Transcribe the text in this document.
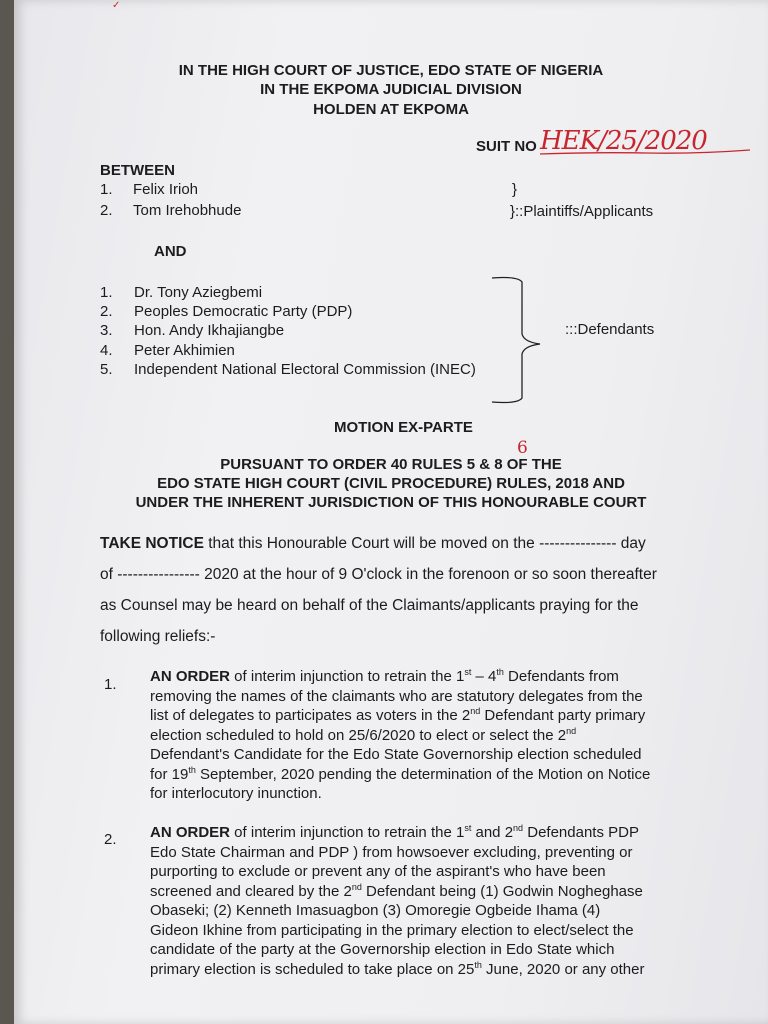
✓
IN THE HIGH COURT OF JUSTICE, EDO STATE OF NIGERIA
IN THE EKPOMA JUDICIAL DIVISION
HOLDEN AT EKPOMA
SUIT NO HEK/25/2020
BETWEEN
1. Felix Irioh
2. Tom Irehobhude
}
}::Plaintiffs/Applicants
AND
1. Dr. Tony Aziegbemi
2. Peoples Democratic Party (PDP)
3. Hon. Andy Ikhajiangbe
4. Peter Akhimien
5. Independent National Electoral Commission (INEC)
:::Defendants
MOTION EX-PARTE
6
PURSUANT TO ORDER 40 RULES 5 & 8 OF THE
EDO STATE HIGH COURT (CIVIL PROCEDURE) RULES, 2018 AND
UNDER THE INHERENT JURISDICTION OF THIS HONOURABLE COURT
TAKE NOTICE that this Honourable Court will be moved on the --------------- day
of ---------------- 2020 at the hour of 9 O'clock in the forenoon or so soon thereafter
as Counsel may be heard on behalf of the Claimants/applicants praying for the
following reliefs:-
1. AN ORDER of interim injunction to retrain the 1st – 4th Defendants from
removing the names of the claimants who are statutory delegates from the
list of delegates to participates as voters in the 2nd Defendant party primary
election scheduled to hold on 25/6/2020 to elect or select the 2nd
Defendant's Candidate for the Edo State Governorship election scheduled
for 19th September, 2020 pending the determination of the Motion on Notice
for interlocutory inunction.
2. AN ORDER of interim injunction to retrain the 1st and 2nd Defendants PDP
Edo State Chairman and PDP ) from howsoever excluding, preventing or
purporting to exclude or prevent any of the aspirant's who have been
screened and cleared by the 2nd Defendant being (1) Godwin Nogheghase
Obaseki; (2) Kenneth Imasuagbon (3) Omoregie Ogbeide Ihama (4)
Gideon Ikhine from participating in the primary election to elect/select the
candidate of the party at the Governorship election in Edo State which
primary election is scheduled to take place on 25th June, 2020 or any other
